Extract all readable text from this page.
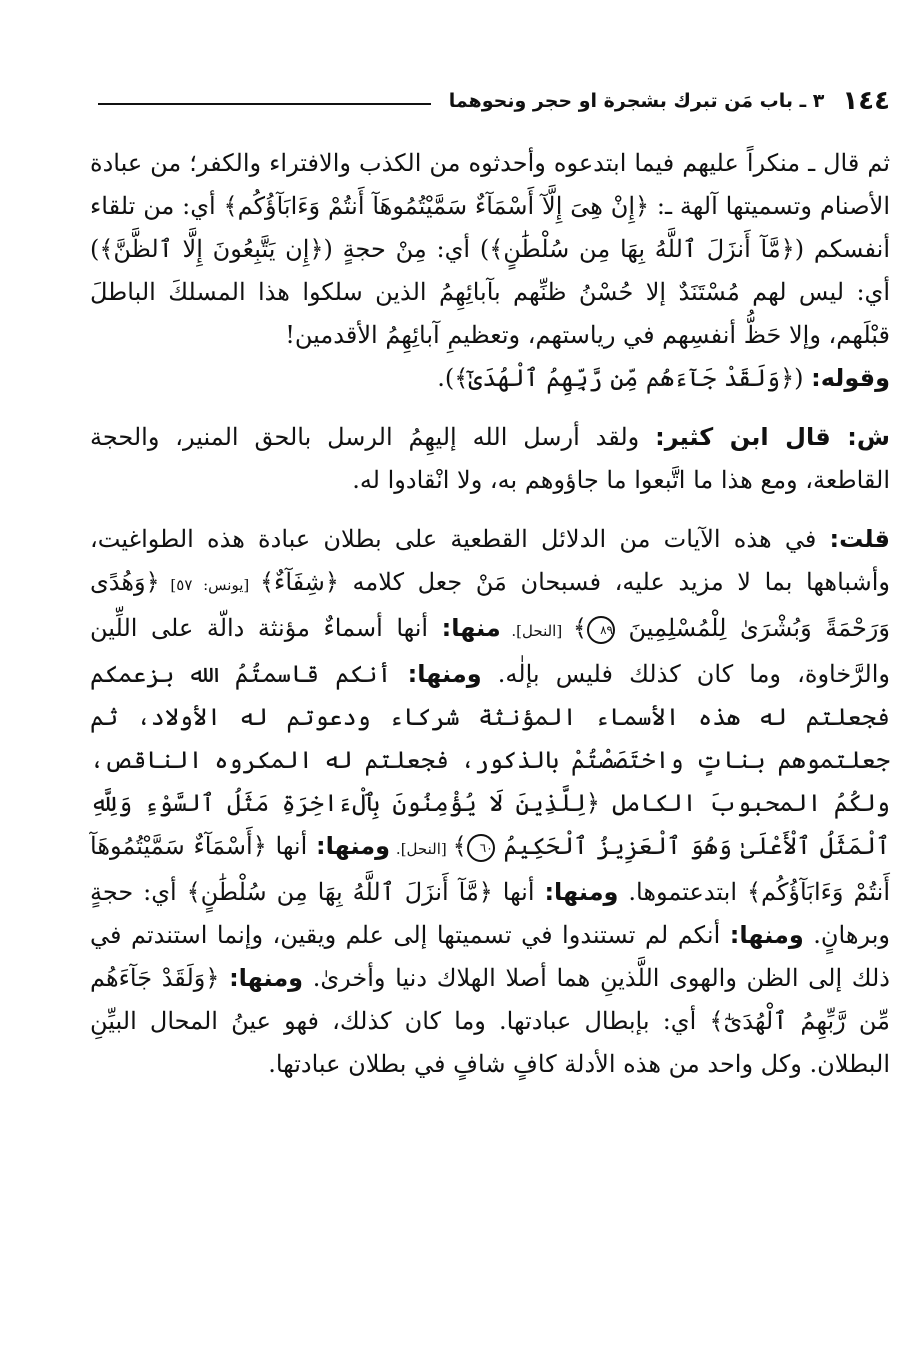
١٤٤
٣ ـ باب مَن تبرك بشجرة او حجر ونحوهما

ثم قال ـ منكراً عليهم فيما ابتدعوه وأحدثوه من الكذب والافتراء والكفر؛ من عبادة الأصنام وتسميتها آلهة ـ: ﴿إِنْ هِىَ إِلَّآ أَسْمَآءٌ سَمَّيْتُمُوهَآ أَنتُمْ وَءَابَآؤُكُم﴾ أي: من تلقاء أنفسكم (﴿مَّآ أَنزَلَ ٱللَّهُ بِهَا مِن سُلْطَٰنٍ﴾) أي: مِنْ حجةٍ (﴿إِن يَتَّبِعُونَ إِلَّا ٱلظَّنَّ﴾) أي: ليس لهم مُسْتَنَدٌ إلا حُسْنُ ظنِّهم بآبائِهِمُ الذين سلكوا هذا المسلكَ الباطلَ قبْلَهم، وإلا حَظُّ أنفسِهم في رياستهم، وتعظيمِ آبائِهِمُ الأقدمين!

وقوله: (﴿وَلَقَدْ جَآءَهُم مِّن رَّبِّهِمُ ٱلْهُدَىٰٓ﴾).

ش: قال ابن كثير: ولقد أرسل الله إليهِمُ الرسل بالحق المنير، والحجة القاطعة، ومع هذا ما اتَّبعوا ما جاؤوهم به، ولا انْقادوا له.

قلت: في هذه الآيات من الدلائل القطعية على بطلان عبادة هذه الطواغيت، وأشباهها بما لا مزيد عليه، فسبحان مَنْ جعل كلامه ﴿شِفَآءٌ﴾ [يونس: ٥٧] ﴿وَهُدًى وَرَحْمَةً وَبُشْرَىٰ لِلْمُسْلِمِينَ ٨٩﴾ [النحل]. منها: أنها أسماءٌ مؤنثة دالّة على اللِّين والرَّخاوة، وما كان كذلك فليس بإلٰه. ومنها: أنكم قاسمتُمُ الله بزعمكم فجعلتم له هذه الأسماء المؤنثة شركاء ودعوتم له الأولاد، ثم جعلتموهم بناتٍ واختَصَصْتُمْ بالذكور، فجعلتم له المكروه الناقص، ولكُمُ المحبوبَ الكامل ﴿لِلَّذِينَ لَا يُؤْمِنُونَ بِٱلْءَاخِرَةِ مَثَلُ ٱلسَّوْءِ وَلِلَّهِ ٱلْمَثَلُ ٱلْأَعْلَىٰ وَهُوَ ٱلْعَزِيزُ ٱلْحَكِيمُ ٦٠﴾ [النحل]. ومنها: أنها ﴿أَسْمَآءٌ سَمَّيْتُمُوهَآ أَنتُمْ وَءَابَآؤُكُم﴾ ابتدعتموها. ومنها: أنها ﴿مَّآ أَنزَلَ ٱللَّهُ بِهَا مِن سُلْطَٰنٍ﴾ أي: حجةٍ وبرهانٍ. ومنها: أنكم لم تستندوا في تسميتها إلى علم ويقين، وإنما استندتم في ذلك إلى الظن والهوى اللَّذينِ هما أصلا الهلاك دنيا وأخرىٰ. ومنها: ﴿وَلَقَدْ جَآءَهُم مِّن رَّبِّهِمُ ٱلْهُدَىٰٓ﴾ أي: بإبطال عبادتها. وما كان كذلك، فهو عينُ المحال البيِّنِ البطلان. وكل واحد من هذه الأدلة كافٍ شافٍ في بطلان عبادتها.
